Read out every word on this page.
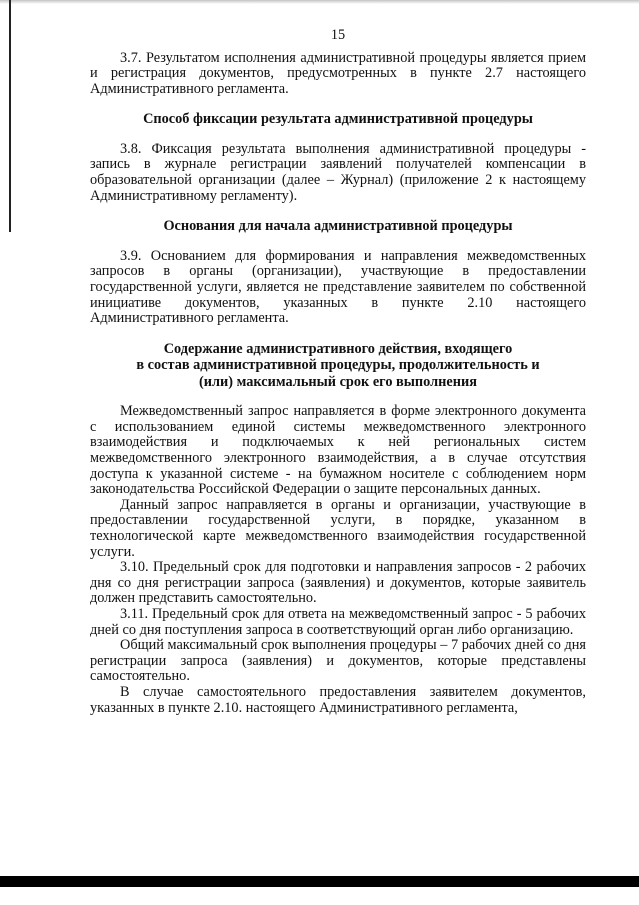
15

3.7. Результатом исполнения административной процедуры является прием и регистрация документов, предусмотренных в пункте 2.7 настоящего Административного регламента.

Способ фиксации результата административной процедуры

3.8. Фиксация результата выполнения административной процедуры - запись в журнале регистрации заявлений получателей компенсации в образовательной организации (далее – Журнал) (приложение 2 к настоящему Административному регламенту).

Основания для начала административной процедуры

3.9. Основанием для формирования и направления межведомственных запросов в органы (организации), участвующие в предоставлении государственной услуги, является не представление заявителем по собственной инициативе документов, указанных в пункте 2.10 настоящего Административного регламента.

Содержание административного действия, входящего
в состав административной процедуры, продолжительность и
(или) максимальный срок его выполнения

Межведомственный запрос направляется в форме электронного документа с использованием единой системы межведомственного электронного взаимодействия и подключаемых к ней региональных систем межведомственного электронного взаимодействия, а в случае отсутствия доступа к указанной системе - на бумажном носителе с соблюдением норм законодательства Российской Федерации о защите персональных данных.

Данный запрос направляется в органы и организации, участвующие в предоставлении государственной услуги, в порядке, указанном в технологической карте межведомственного взаимодействия государственной услуги.

3.10. Предельный срок для подготовки и направления запросов - 2 рабочих дня со дня регистрации запроса (заявления) и документов, которые заявитель должен представить самостоятельно.

3.11. Предельный срок для ответа на межведомственный запрос - 5 рабочих дней со дня поступления запроса в соответствующий орган либо организацию.

Общий максимальный срок выполнения процедуры – 7 рабочих дней со дня регистрации запроса (заявления) и документов, которые представлены самостоятельно.

В случае самостоятельного предоставления заявителем документов, указанных в пункте 2.10. настоящего Административного регламента,
